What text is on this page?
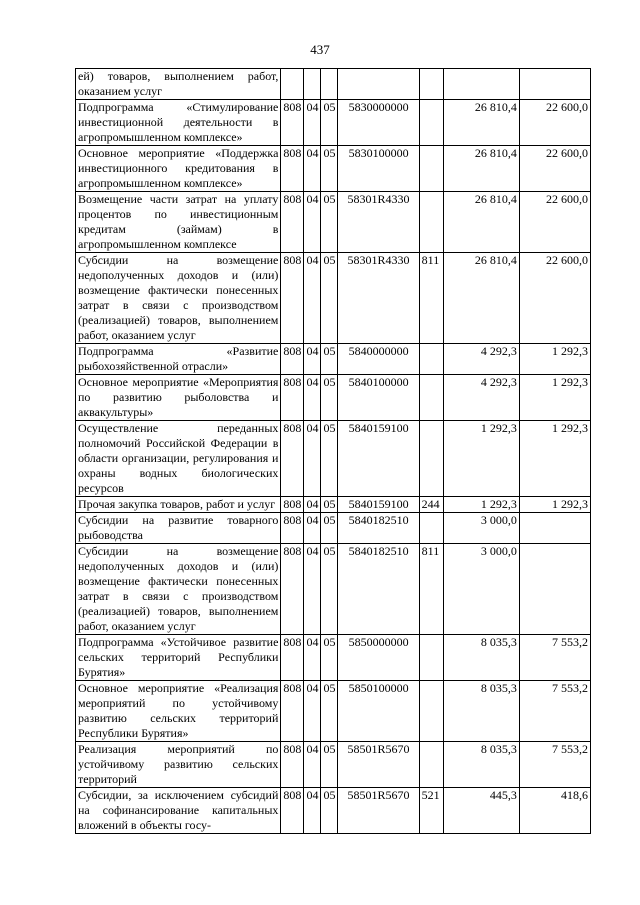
437
ей) товаров, выполнением работ, оказанием услуг							
Подпрограмма «Стимулирование инвестиционной деятельности в агропромышленном комплексе»	808	04	05	5830000000		26 810,4	22 600,0
Основное мероприятие «Поддержка инвестиционного кредитования в агропромышленном комплексе»	808	04	05	5830100000		26 810,4	22 600,0
Возмещение части затрат на уплату процентов по инвестиционным кредитам (займам) в агропромышленном комплексе	808	04	05	58301R4330		26 810,4	22 600,0
Субсидии на возмещение недополученных доходов и (или) возмещение фактически понесенных затрат в связи с производством (реализацией) товаров, выполнением работ, оказанием услуг	808	04	05	58301R4330	811	26 810,4	22 600,0
Подпрограмма «Развитие рыбохозяйственной отрасли»	808	04	05	5840000000		4 292,3	1 292,3
Основное мероприятие «Мероприятия по развитию рыболовства и аквакультуры»	808	04	05	5840100000		4 292,3	1 292,3
Осуществление переданных полномочий Российской Федерации в области организации, регулирования и охраны водных биологических ресурсов	808	04	05	5840159100		1 292,3	1 292,3
Прочая закупка товаров, работ и услуг	808	04	05	5840159100	244	1 292,3	1 292,3
Субсидии на развитие товарного рыбоводства	808	04	05	5840182510		3 000,0	
Субсидии на возмещение недополученных доходов и (или) возмещение фактически понесенных затрат в связи с производством (реализацией) товаров, выполнением работ, оказанием услуг	808	04	05	5840182510	811	3 000,0	
Подпрограмма «Устойчивое развитие сельских территорий Республики Бурятия»	808	04	05	5850000000		8 035,3	7 553,2
Основное мероприятие «Реализация мероприятий по устойчивому развитию сельских территорий Республики Бурятия»	808	04	05	5850100000		8 035,3	7 553,2
Реализация мероприятий по устойчивому развитию сельских территорий	808	04	05	58501R5670		8 035,3	7 553,2
Субсидии, за исключением субсидий на софинансирование капитальных вложений в объекты госу-	808	04	05	58501R5670	521	445,3	418,6
